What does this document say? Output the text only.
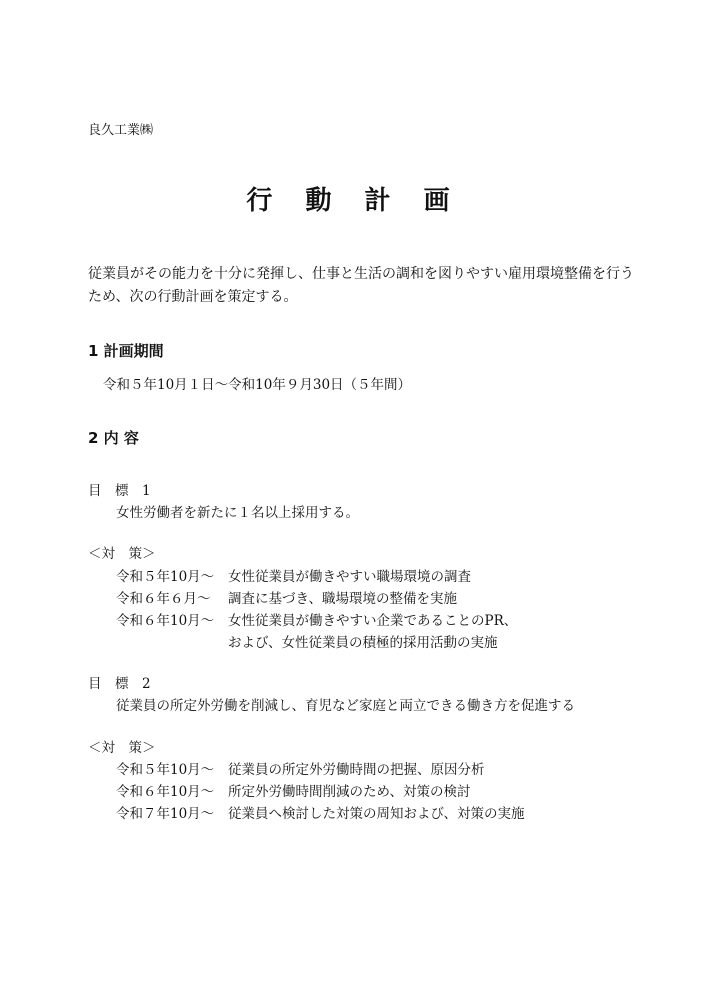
良久工業㈱
行 動 計 画
従業員がその能力を十分に発揮し、仕事と生活の調和を図りやすい雇用環境整備を行う
ため、次の行動計画を策定する。
1 計画期間
令和５年10月１日～令和10年９月30日（５年間）
2 内 容
目　標　1
女性労働者を新たに１名以上採用する。
＜対　策＞
令和５年10月～ 女性従業員が働きやすい職場環境の調査
令和６年６月～ 調査に基づき、職場環境の整備を実施
令和６年10月～ 女性従業員が働きやすい企業であることのPR、
および、女性従業員の積極的採用活動の実施
目　標　2
従業員の所定外労働を削減し、育児など家庭と両立できる働き方を促進する
＜対　策＞
令和５年10月～ 従業員の所定外労働時間の把握、原因分析
令和６年10月～ 所定外労働時間削減のため、対策の検討
令和７年10月～ 従業員へ検討した対策の周知および、対策の実施
